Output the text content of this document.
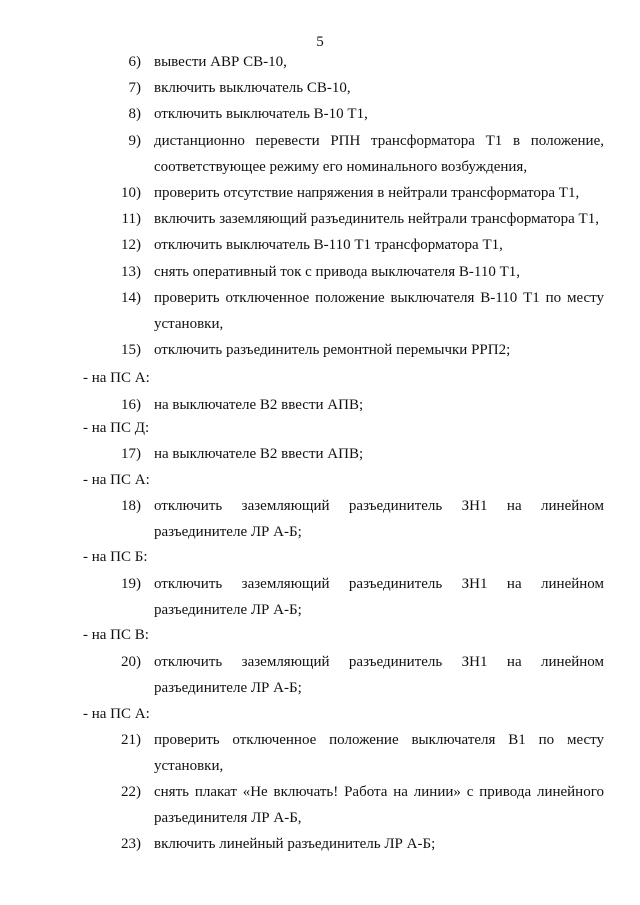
5
6) вывести АВР СВ-10,
7) включить выключатель СВ-10,
8) отключить выключатель В-10 Т1,
9) дистанционно перевести РПН трансформатора Т1 в положение,
соответствующее режиму его номинального возбуждения,
10) проверить отсутствие напряжения в нейтрали трансформатора Т1,
11) включить заземляющий разъединитель нейтрали трансформатора Т1,
12) отключить выключатель В-110 Т1 трансформатора Т1,
13) снять оперативный ток с привода выключателя В-110 Т1,
14) проверить отключенное положение выключателя В-110 Т1 по месту
установки,
15) отключить разъединитель ремонтной перемычки РРП2;
- на ПС А:
16) на выключателе В2 ввести АПВ;
- на ПС Д:
17) на выключателе В2 ввести АПВ;
- на ПС А:
18) отключить заземляющий разъединитель ЗН1 на линейном
разъединителе ЛР А-Б;
- на ПС Б:
19) отключить заземляющий разъединитель ЗН1 на линейном
разъединителе ЛР А-Б;
- на ПС В:
20) отключить заземляющий разъединитель ЗН1 на линейном
разъединителе ЛР А-Б;
- на ПС А:
21) проверить отключенное положение выключателя В1 по месту
установки,
22) снять плакат «Не включать! Работа на линии» с привода линейного
разъединителя ЛР А-Б,
23) включить линейный разъединитель ЛР А-Б;
